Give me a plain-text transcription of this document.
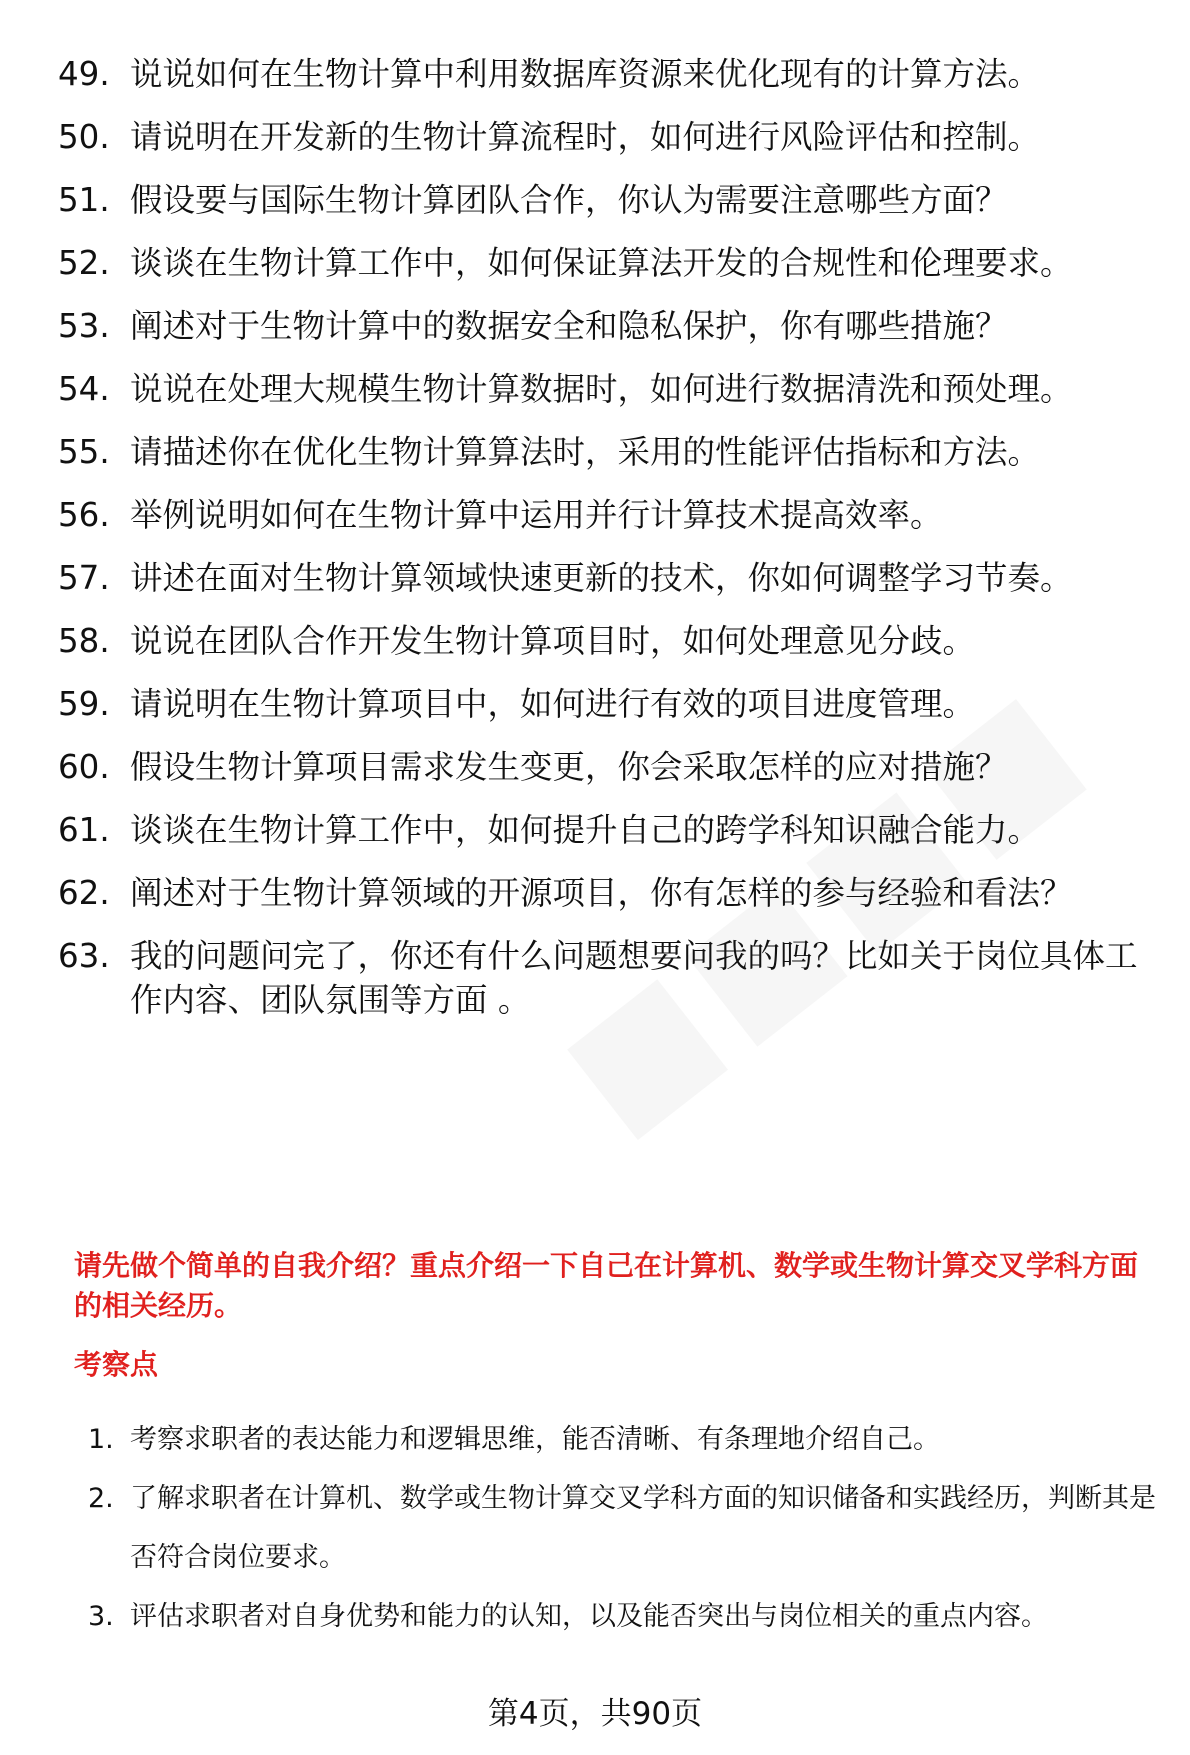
49. 说说如何在生物计算中利用数据库资源来优化现有的计算方法。
50. 请说明在开发新的生物计算流程时，如何进行风险评估和控制。
51. 假设要与国际生物计算团队合作，你认为需要注意哪些方面？
52. 谈谈在生物计算工作中，如何保证算法开发的合规性和伦理要求。
53. 阐述对于生物计算中的数据安全和隐私保护，你有哪些措施？
54. 说说在处理大规模生物计算数据时，如何进行数据清洗和预处理。
55. 请描述你在优化生物计算算法时，采用的性能评估指标和方法。
56. 举例说明如何在生物计算中运用并行计算技术提高效率。
57. 讲述在面对生物计算领域快速更新的技术，你如何调整学习节奏。
58. 说说在团队合作开发生物计算项目时，如何处理意见分歧。
59. 请说明在生物计算项目中，如何进行有效的项目进度管理。
60. 假设生物计算项目需求发生变更，你会采取怎样的应对措施？
61. 谈谈在生物计算工作中，如何提升自己的跨学科知识融合能力。
62. 阐述对于生物计算领域的开源项目，你有怎样的参与经验和看法？
63. 我的问题问完了，你还有什么问题想要问我的吗？比如关于岗位具体工作内容、团队氛围等方面 。
请先做个简单的自我介绍？重点介绍一下自己在计算机、数学或生物计算交叉学科方面的相关经历。
考察点
1. 考察求职者的表达能力和逻辑思维，能否清晰、有条理地介绍自己。
2. 了解求职者在计算机、数学或生物计算交叉学科方面的知识储备和实践经历，判断其是否符合岗位要求。
3. 评估求职者对自身优势和能力的认知，以及能否突出与岗位相关的重点内容。
第4页，共90页
